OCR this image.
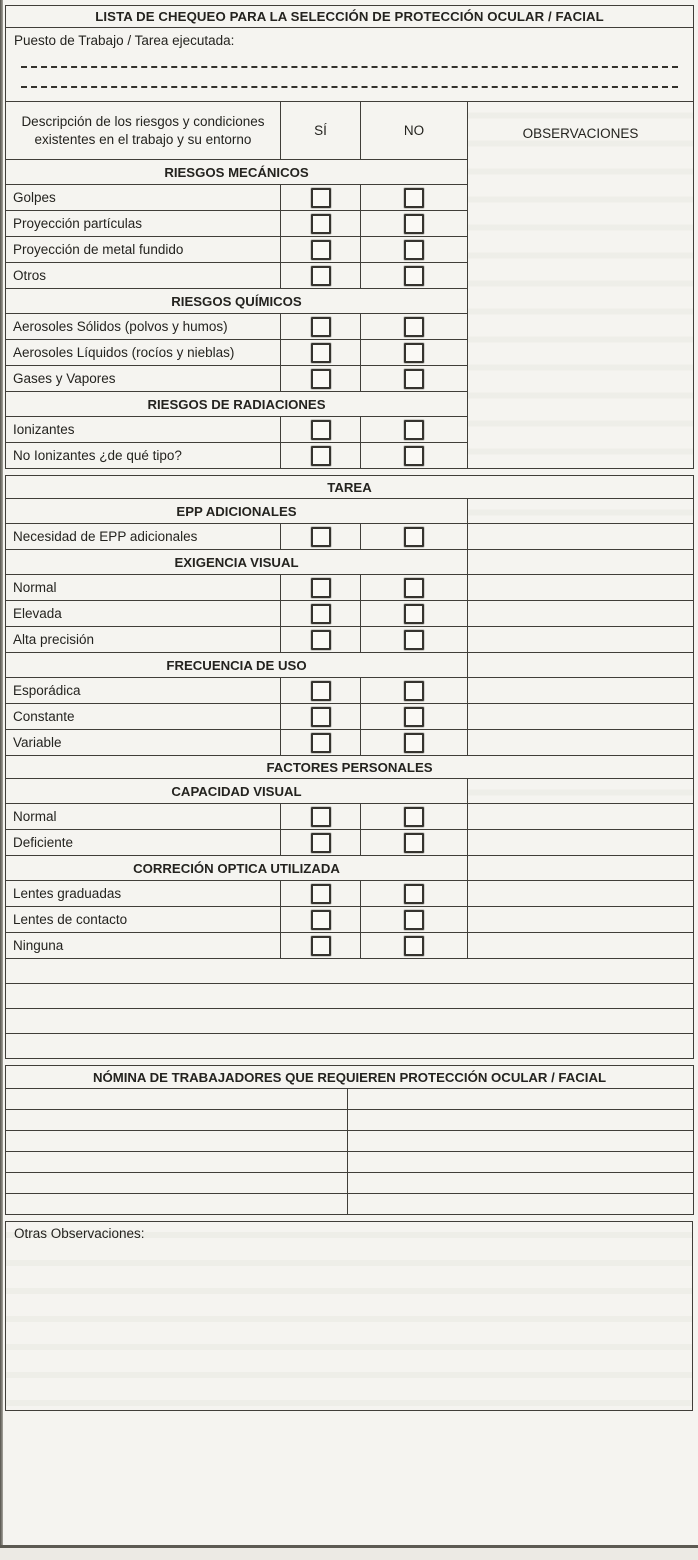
LISTA DE CHEQUEO PARA LA SELECCIÓN DE PROTECCIÓN OCULAR / FACIAL			

Puesto de Trabajo / Tarea ejecutada:			

Descripción de los riesgos y condiciones existentes en el trabajo y su entorno	SÍ	NO	OBSERVACIONES
RIESGOS MECÁNICOS			
Golpes			
Proyección partículas			
Proyección de metal fundido			
Otros			
RIESGOS QUÍMICOS			
Aerosoles Sólidos (polvos y humos)			
Aerosoles Líquidos (rocíos y nieblas)			
Gases y Vapores			
RIESGOS DE RADIACIONES			
Ionizantes			
No Ionizantes ¿de qué tipo?			
TAREA			
EPP ADICIONALES			
Necesidad de EPP adicionales			
EXIGENCIA VISUAL			
Normal			
Elevada			
Alta precisión			
FRECUENCIA DE USO			
Esporádica			
Constante			
Variable			
FACTORES PERSONALES			
CAPACIDAD VISUAL			
Normal			
Deficiente			
CORRECIÓN OPTICA UTILIZADA			
Lentes graduadas			
Lentes de contacto			
Ninguna			

NÓMINA DE TRABAJADORES QUE REQUIEREN PROTECCIÓN OCULAR / FACIAL	

Otras Observaciones:
